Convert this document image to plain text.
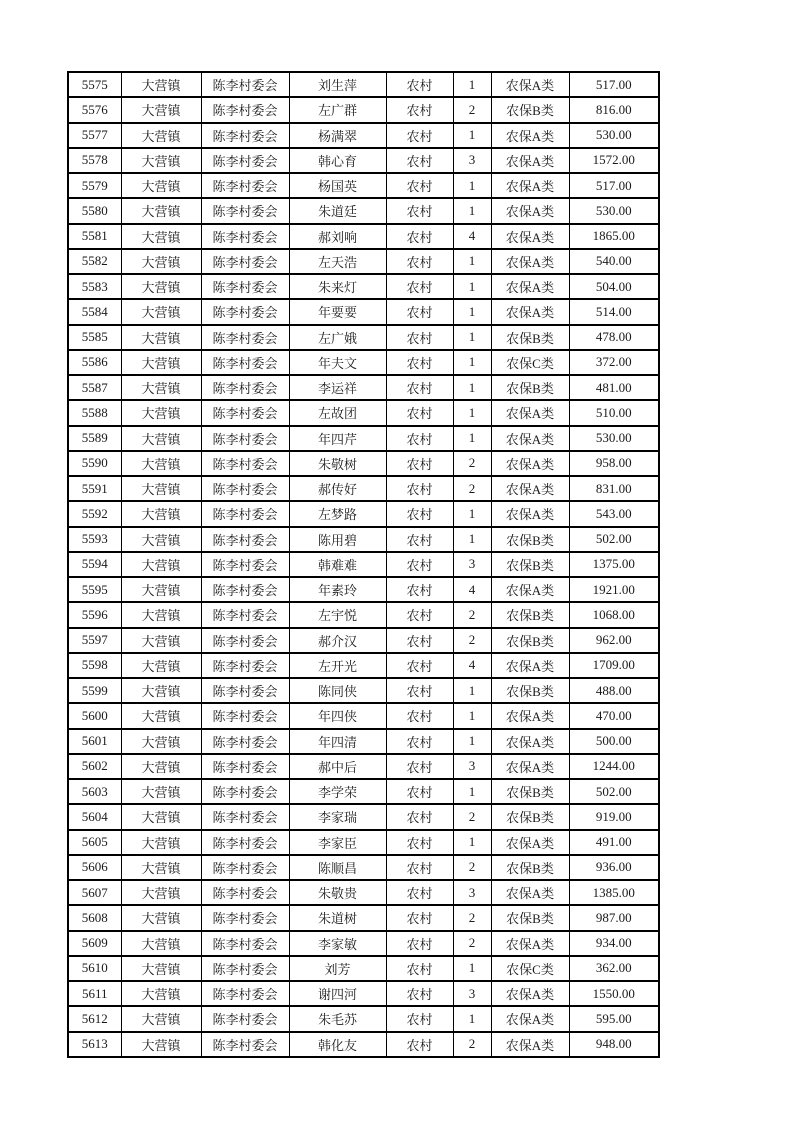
5575	大营镇	陈李村委会	刘生萍	农村	1	农保A类	517.00
5576	大营镇	陈李村委会	左广群	农村	2	农保B类	816.00
5577	大营镇	陈李村委会	杨满翠	农村	1	农保A类	530.00
5578	大营镇	陈李村委会	韩心育	农村	3	农保A类	1572.00
5579	大营镇	陈李村委会	杨国英	农村	1	农保A类	517.00
5580	大营镇	陈李村委会	朱道廷	农村	1	农保A类	530.00
5581	大营镇	陈李村委会	郝刘响	农村	4	农保A类	1865.00
5582	大营镇	陈李村委会	左天浩	农村	1	农保A类	540.00
5583	大营镇	陈李村委会	朱来灯	农村	1	农保A类	504.00
5584	大营镇	陈李村委会	年要要	农村	1	农保A类	514.00
5585	大营镇	陈李村委会	左广娥	农村	1	农保B类	478.00
5586	大营镇	陈李村委会	年夫文	农村	1	农保C类	372.00
5587	大营镇	陈李村委会	李运祥	农村	1	农保B类	481.00
5588	大营镇	陈李村委会	左故团	农村	1	农保A类	510.00
5589	大营镇	陈李村委会	年四芹	农村	1	农保A类	530.00
5590	大营镇	陈李村委会	朱敬树	农村	2	农保A类	958.00
5591	大营镇	陈李村委会	郝传好	农村	2	农保A类	831.00
5592	大营镇	陈李村委会	左梦路	农村	1	农保A类	543.00
5593	大营镇	陈李村委会	陈用碧	农村	1	农保B类	502.00
5594	大营镇	陈李村委会	韩难难	农村	3	农保B类	1375.00
5595	大营镇	陈李村委会	年素玲	农村	4	农保A类	1921.00
5596	大营镇	陈李村委会	左宇悦	农村	2	农保B类	1068.00
5597	大营镇	陈李村委会	郝介汉	农村	2	农保B类	962.00
5598	大营镇	陈李村委会	左开光	农村	4	农保A类	1709.00
5599	大营镇	陈李村委会	陈同侠	农村	1	农保B类	488.00
5600	大营镇	陈李村委会	年四侠	农村	1	农保A类	470.00
5601	大营镇	陈李村委会	年四清	农村	1	农保A类	500.00
5602	大营镇	陈李村委会	郝中后	农村	3	农保A类	1244.00
5603	大营镇	陈李村委会	李学荣	农村	1	农保B类	502.00
5604	大营镇	陈李村委会	李家瑞	农村	2	农保B类	919.00
5605	大营镇	陈李村委会	李家臣	农村	1	农保A类	491.00
5606	大营镇	陈李村委会	陈顺昌	农村	2	农保B类	936.00
5607	大营镇	陈李村委会	朱敬贵	农村	3	农保A类	1385.00
5608	大营镇	陈李村委会	朱道树	农村	2	农保B类	987.00
5609	大营镇	陈李村委会	李家敏	农村	2	农保A类	934.00
5610	大营镇	陈李村委会	刘芳	农村	1	农保C类	362.00
5611	大营镇	陈李村委会	谢四河	农村	3	农保A类	1550.00
5612	大营镇	陈李村委会	朱毛苏	农村	1	农保A类	595.00
5613	大营镇	陈李村委会	韩化友	农村	2	农保A类	948.00
